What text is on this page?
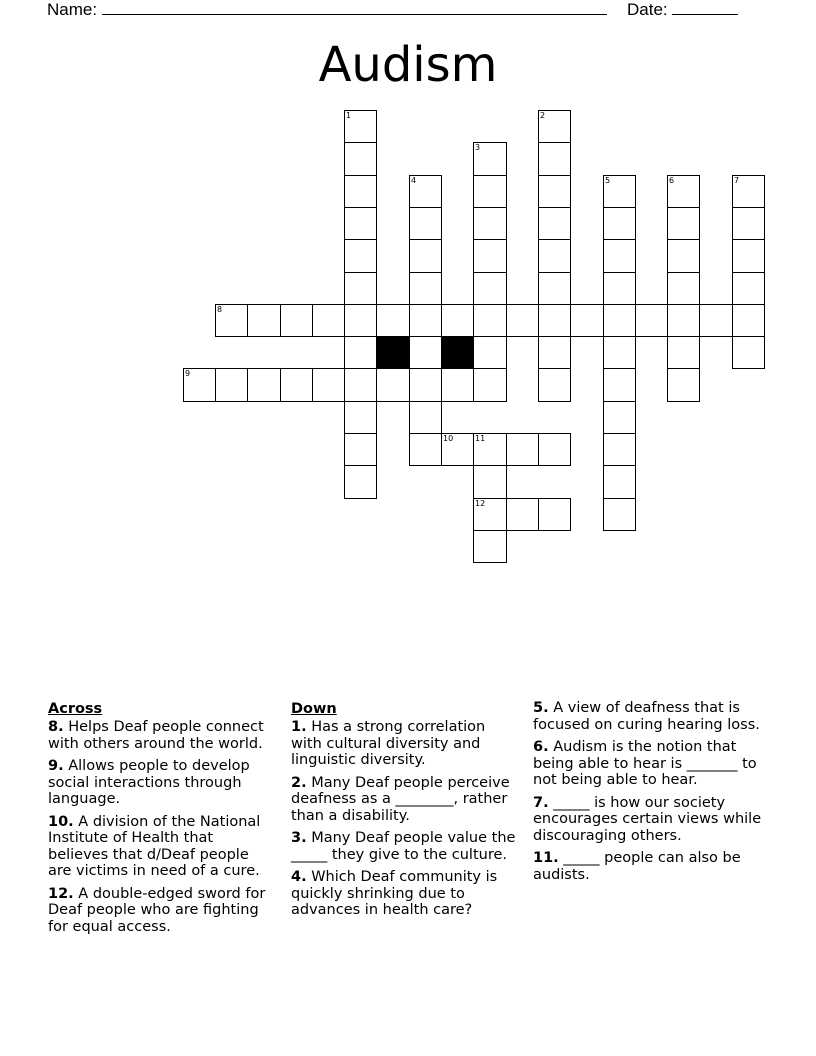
Name:	Date:
Audism
1	2
3
4	5	6	7
8
9
10	11
12
Across
8. Helps Deaf people connect with others around the world.
9. Allows people to develop social interactions through language.
10. A division of the National Institute of Health that believes that d/Deaf people are victims in need of a cure.
12. A double-edged sword for Deaf people who are fighting for equal access.
Down
1. Has a strong correlation with cultural diversity and linguistic diversity.
2. Many Deaf people perceive deafness as a ________, rather than a disability.
3. Many Deaf people value the _____ they give to the culture.
4. Which Deaf community is quickly shrinking due to advances in health care?
5. A view of deafness that is focused on curing hearing loss.
6. Audism is the notion that being able to hear is _______ to not being able to hear.
7. _____ is how our society encourages certain views while discouraging others.
11. _____ people can also be audists.
